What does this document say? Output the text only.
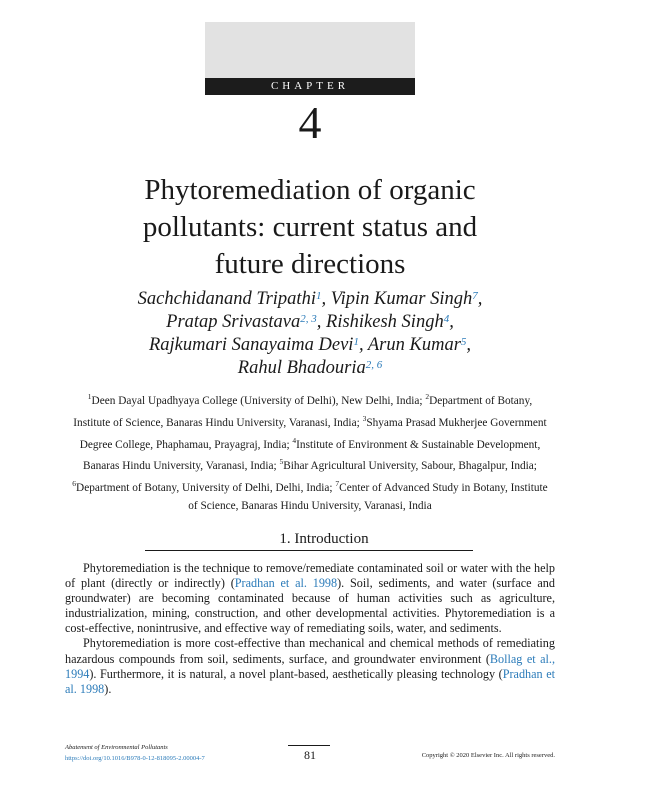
CHAPTER
4
Phytoremediation of organic
pollutants: current status and
future directions
Sachchidanand Tripathi$^1$, Vipin Kumar Singh$^7$,
Pratap Srivastava$^{2, 3}$, Rishikesh Singh$^4$,
Rajkumari Sanayaima Devi$^1$, Arun Kumar$^5$,
Rahul Bhadouria$^{2, 6}$
$^1$Deen Dayal Upadhyaya College (University of Delhi), New Delhi, India; $^2$Department of Botany, Institute of Science, Banaras Hindu University, Varanasi, India; $^3$Shyama Prasad Mukherjee Government Degree College, Phaphamau, Prayagraj, India; $^4$Institute of Environment & Sustainable Development, Banaras Hindu University, Varanasi, India; $^5$Bihar Agricultural University, Sabour, Bhagalpur, India; $^6$Department of Botany, University of Delhi, Delhi, India; $^7$Center of Advanced Study in Botany, Institute of Science, Banaras Hindu University, Varanasi, India
1. Introduction

Phytoremediation is the technique to remove/remediate contaminated soil or water with the help of plant (directly or indirectly) (Pradhan et al. 1998). Soil, sediments, and water (surface and groundwater) are becoming contaminated because of human activities such as agriculture, industrialization, mining, construction, and other developmental activities. Phytoremediation is a cost-effective, nonintrusive, and effective way of remediating soils, water, and sediments.

Phytoremediation is more cost-effective than mechanical and chemical methods of remediating hazardous compounds from soil, sediments, surface, and groundwater environment (Bollag et al., 1994). Furthermore, it is natural, a novel plant-based, aesthetically pleasing technology (Pradhan et al. 1998).

Abatement of Environmental Pollutants
https://doi.org/10.1016/B978-0-12-818095-2.00004-7	81	Copyright © 2020 Elsevier Inc. All rights reserved.
